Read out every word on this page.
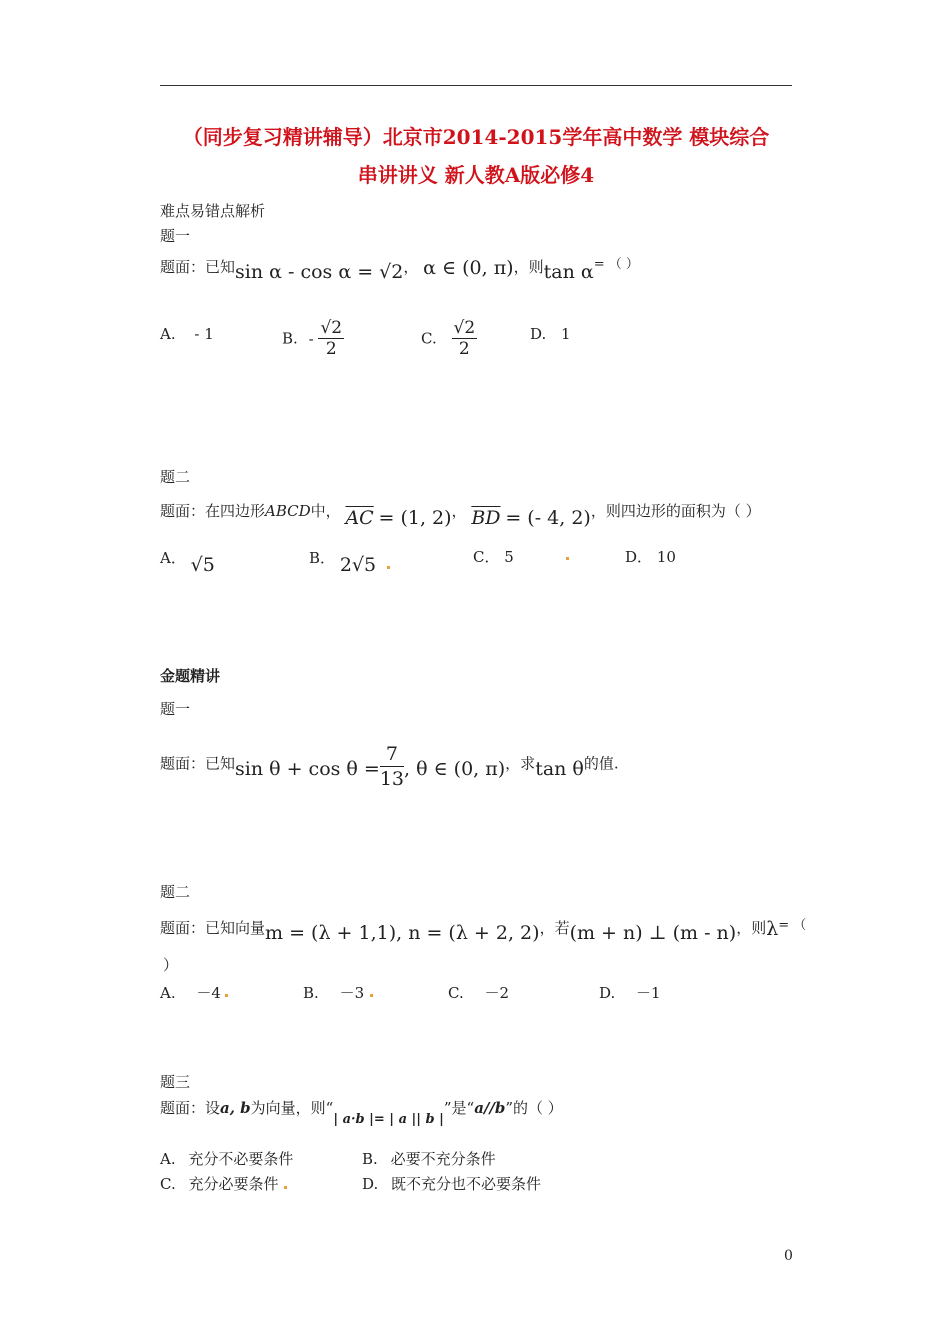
（同步复习精讲辅导）北京市2014-2015学年高中数学 模块综合
串讲讲义 新人教A版必修4
难点易错点解析
题一
题面：已知sin α - cos α = √2， α ∈ (0, π)，则tan α= （ ）
A. - 1	B. - $\frac{√2}{2}$	C. $\frac{√2}{2}$	D. 1
题二
题面：在四边形ABCD中， $\overline{AC} = (1$, 2)， $\overline{BD}$ = (- 4, 2)，则四边形的面积为（ ）
A． √5	B． 2√5	C． 5	D． 10
金题精讲
题一
题面：已知$\sin \theta + \cos \theta = \frac{7}{13}$ , θ ∈ (0, π)，求tan θ的值.
题二
题面：已知向量m = (λ + 1,1), n = (λ + 2, 2)，若(m + n) ⊥ (m - n)，则λ= （
）
A. －4	B. －3	C. －2	D. －1
题三
题面：设a, b为向量，则“| a·b |= | a || b |”是“a//b”的（ ）
A. 充分不必要条件	B. 必要不充分条件
C. 充分必要条件	D. 既不充分也不必要条件
0
